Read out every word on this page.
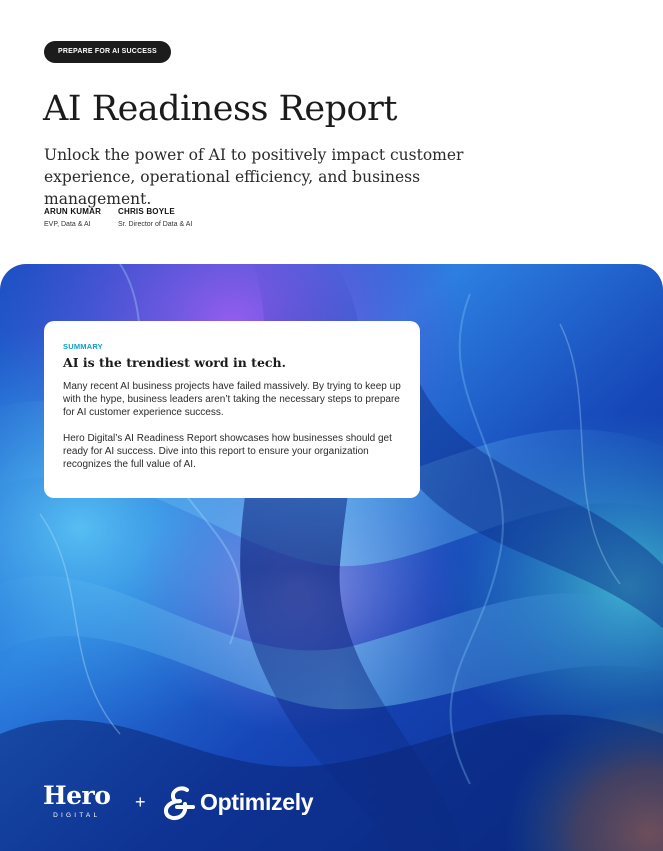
PREPARE FOR AI SUCCESS
AI Readiness Report

Unlock the power of AI to positively impact customer experience, operational efficiency, and business management.

ARUN KUMAR
EVP, Data & AI
CHRIS BOYLE
Sr. Director of Data & AI
SUMMARY
AI is the trendiest word in tech.

Many recent AI business projects have failed massively. By trying to keep up with the hype, business leaders aren’t taking the necessary steps to prepare for AI customer experience success.

Hero Digital’s AI Readiness Report showcases how businesses should get ready for AI success. Dive into this report to ensure your organization recognizes the full value of AI.

Hero
DIGITAL
+ Optimizely
